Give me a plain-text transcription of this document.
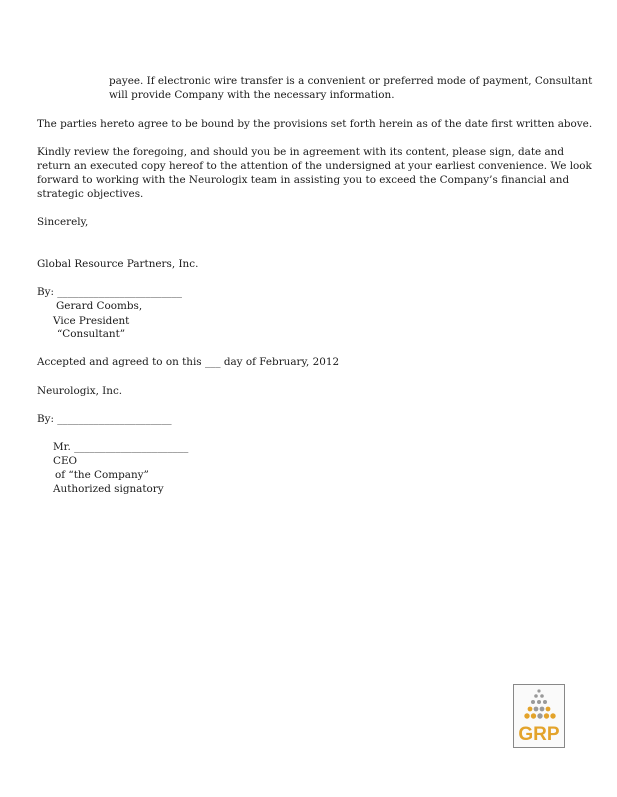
payee. If electronic wire transfer is a convenient or preferred mode of payment, Consultant
will provide Company with the necessary information.
The parties hereto agree to be bound by the provisions set forth herein as of the date first written above.
Kindly review the foregoing, and should you be in agreement with its content, please sign, date and
return an executed copy hereof to the attention of the undersigned at your earliest convenience. We look
forward to working with the Neurologix team in assisting you to exceed the Company’s financial and
strategic objectives.
Sincerely,
Global Resource Partners, Inc.
By: ________________________
Gerard Coombs,
Vice President
“Consultant”
Accepted and agreed to on this ___ day of February, 2012
Neurologix, Inc.
By: ______________________
Mr. ______________________
CEO
of “the Company”
Authorized signatory
GRP
